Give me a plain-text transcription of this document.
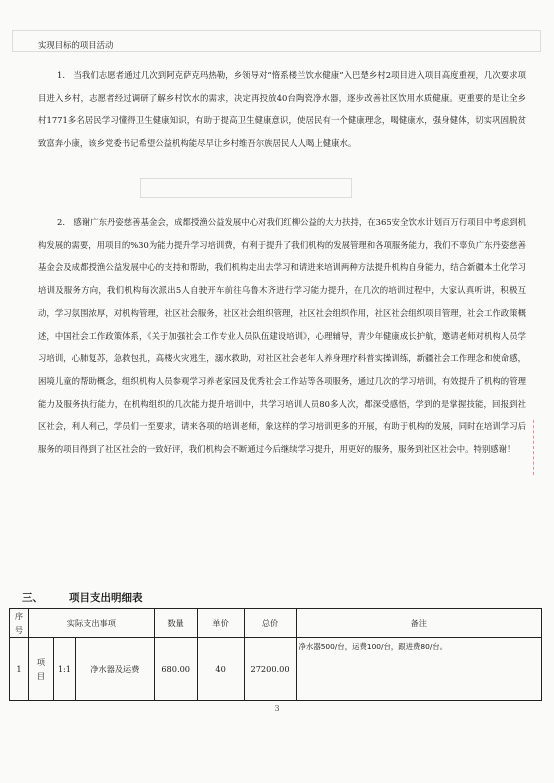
实现目标的项目活动

1.　当我们志愿者通过几次到阿克萨克玛热勒，乡领导对“惰系楼兰饮水健康”入巴楚乡村2项目进入项目高度重视，几次要求项目进入乡村，志愿者经过调研了解乡村饮水的需求，决定再投放40台陶瓷净水器，逐步改善社区饮用水质健康。更重要的是让全乡村1771多名居民学习懂得卫生健康知识，有助于提高卫生健康意识，使居民有一个健康理念，喝健康水，强身健体，切实巩固脱贫致富奔小康，该乡党委书记希望公益机构能尽早让乡村维吾尔族居民人人喝上健康水。

2.　感谢广东丹姿慈善基金会，成都授渔公益发展中心对我们红柳公益的大力扶持，在365安全饮水计划百万行项目中考虑到机构发展的需要，用项目的%30为能力提升学习培训费，有利于提升了我们机构的发展管理和各项服务能力，我们不辜负广东丹姿慈善基金会及成都授渔公益发展中心的支持和帮助，我们机构走出去学习和请进来培训两种方法提升机构自身能力，结合新疆本土化学习培训及服务方向，我们机构每次派出5人自驶开车前往乌鲁木齐进行学习能力提升，在几次的培训过程中，大家认真听讲，积极互动，学习氛围浓厚，对机构管理，社区社会服务，社区社会组织管理，社区社会组织作用，社区社会组织项目管理，社会工作政策概述，中国社会工作政策体系，《关于加强社会工作专业人员队伍建设培训》，心理辅导，青少年健康成长护航，邀请老师对机构人员学习培训，心肺复苏，急救包扎，高楼火灾逃生，溺水救助，对社区社会老年人养身理疗科普实操训练，新疆社会工作理念和使命感，困境儿童的帮助概念，组织机构人员参观学习养老家园及优秀社会工作站等各项服务，通过几次的学习培训，有效提升了机构的管理能力及服务执行能力，在机构组织的几次能力提升培训中，共学习培训人员80多人次，都深受感悟，学到的是掌握技能，回报到社区社会，利人利己，学员们一至要求，请来各项的培训老师，象这样的学习培训更多的开展，有助于机构的发展，同时在培训学习后服务的项目得到了社区社会的一致好评，我们机构会不断通过今后继续学习提升，用更好的服务，服务到社区社会中。特别感谢！

三、 项目支出明细表
序号	实际支出事项			数量	单价	总价	备注
1	项目	1:1	净水器及运费	680.00	40	27200.00	净水器500/台，运费100/台，跟进费80/台。
3
